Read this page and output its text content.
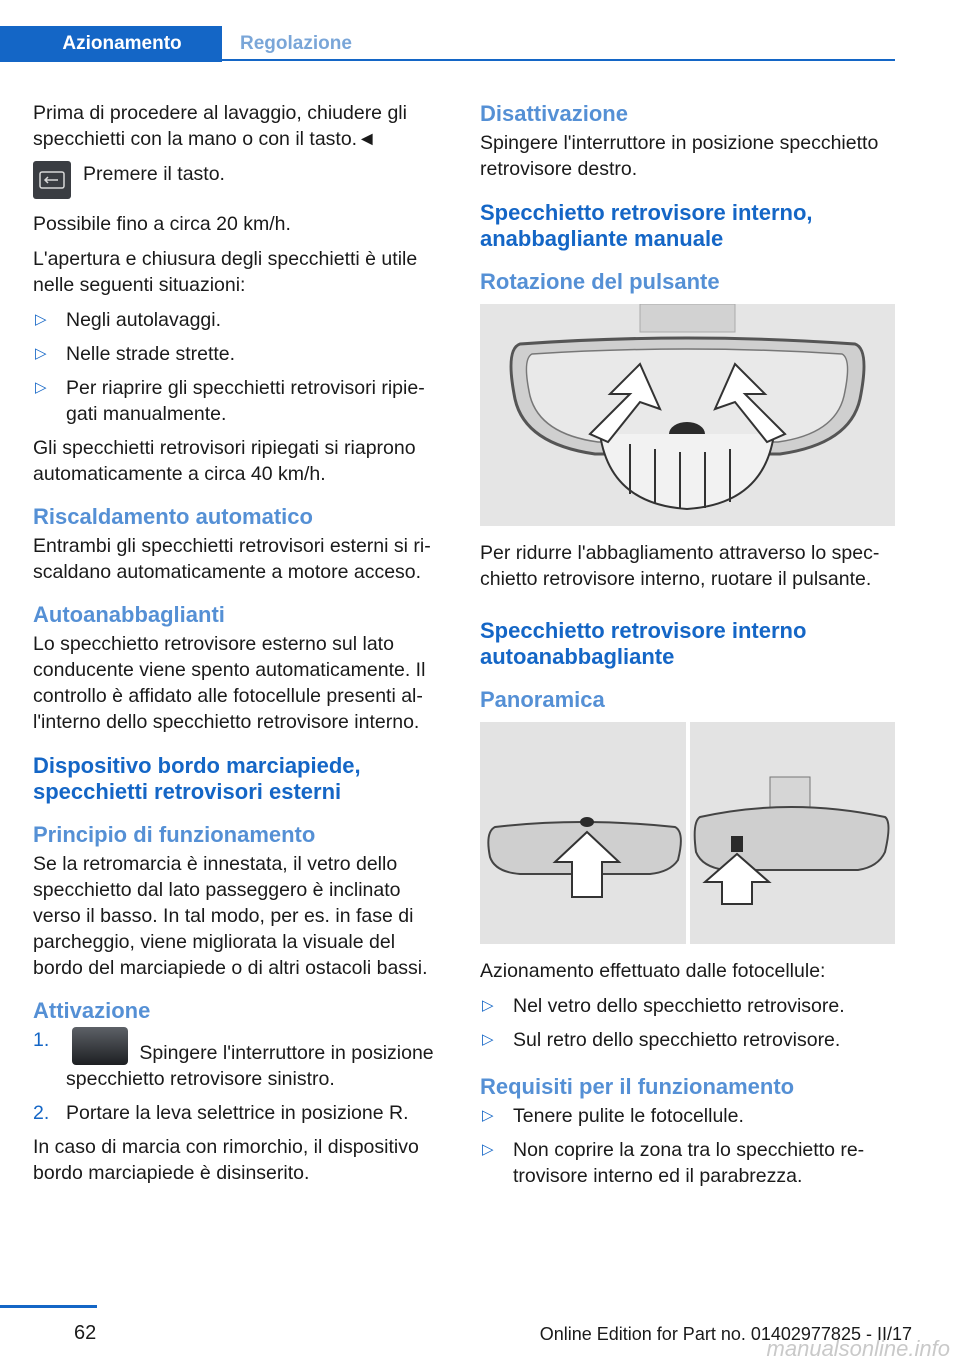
Azionamento	Regolazione

Prima di procedere al lavaggio, chiudere gli specchietti con la mano o con il tasto.◄

Premere il tasto.

Possibile fino a circa 20 km/h.

L'apertura e chiusura degli specchietti è utile nelle seguenti situazioni:

▷ Negli autolavaggi.
▷ Nelle strade strette.
▷ Per riaprire gli specchietti retrovisori ripie‐gati manualmente.

Gli specchietti retrovisori ripiegati si riaprono automaticamente a circa 40 km/h.

Riscaldamento automatico

Entrambi gli specchietti retrovisori esterni si ri‐scaldano automaticamente a motore acceso.

Autoanabbaglianti

Lo specchietto retrovisore esterno sul lato conducente viene spento automaticamente. Il controllo è affidato alle fotocellule presenti al‐l'interno dello specchietto retrovisore interno.

Dispositivo bordo marciapiede, specchietti retrovisori esterni
Principio di funzionamento

Se la retromarcia è innestata, il vetro dello specchietto dal lato passeggero è inclinato verso il basso. In tal modo, per es. in fase di parcheggio, viene migliorata la visuale del bordo del marciapiede o di altri ostacoli bassi.

Attivazione
1.
Spingere l'interruttore in posizione specchietto retrovisore sinistro.
2. Portare la leva selettrice in posizione R.

In caso di marcia con rimorchio, il dispositivo bordo marciapiede è disinserito.

Disattivazione

Spingere l'interruttore in posizione specchietto retrovisore destro.

Specchietto retrovisore interno, anabbagliante manuale
Rotazione del pulsante

Per ridurre l'abbagliamento attraverso lo spec‐chietto retrovisore interno, ruotare il pulsante.

Specchietto retrovisore interno autoanabbagliante
Panoramica

Azionamento effettuato dalle fotocellule:

▷ Nel vetro dello specchietto retrovisore.
▷ Sul retro dello specchietto retrovisore.
Requisiti per il funzionamento
▷ Tenere pulite le fotocellule.
▷ Non coprire la zona tra lo specchietto re‐trovisore interno ed il parabrezza.
62	Online Edition for Part no. 01402977825 - II/17
manualsonline.info
